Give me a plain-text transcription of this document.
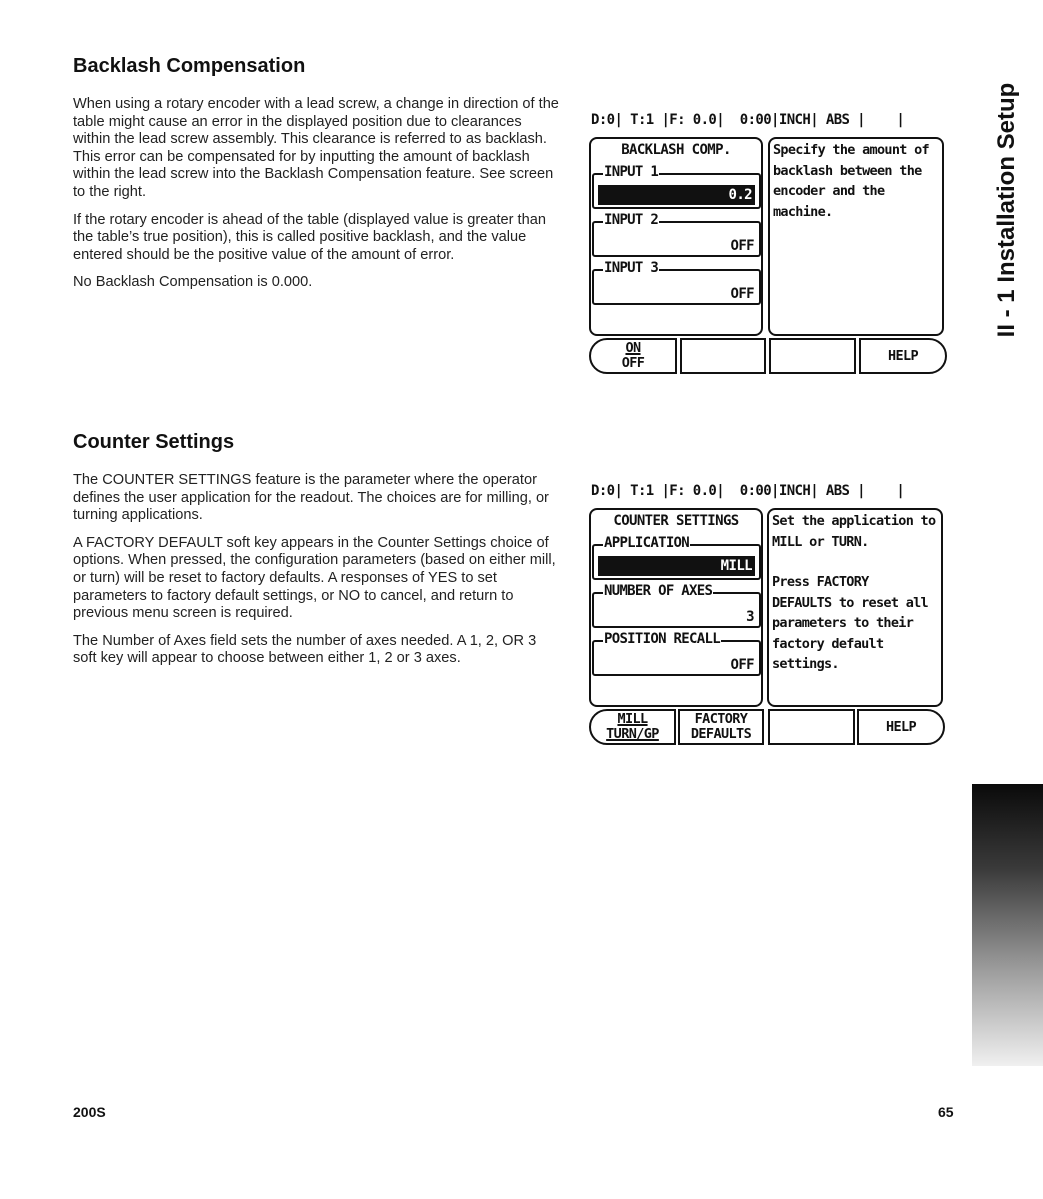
Backlash Compensation

When using a rotary encoder with a lead screw, a change in direction of the table might cause an error in the displayed position due to clearances within the lead screw assembly. This clearance is referred to as backlash. This error can be compensated for by inputting the amount of backlash within the lead screw into the Backlash Compensation feature. See screen to the right.

If the rotary encoder is ahead of the table (displayed value is greater than the table’s true position), this is called positive backlash, and the value entered should be the positive value of the amount of error.

No Backlash Compensation is 0.000.

D:0| T:1 |F: 0.0|  0:00|INCH| ABS |    |
BACKLASH COMP.
INPUT 1
0.2
INPUT 2
OFF
INPUT 3
OFF
Specify the amount of
backlash between the
encoder and the
machine.
ON
OFF	HELP
Counter Settings

The COUNTER SETTINGS feature is the parameter where the operator defines the user application for the readout. The choices are for milling, or turning applications.

A FACTORY DEFAULT soft key appears in the Counter Settings choice of options. When pressed, the configuration parameters (based on either mill, or turn) will be reset to factory defaults. A responses of YES to set parameters to factory default settings, or NO to cancel, and return to previous menu screen is required.

The Number of Axes field sets the number of axes needed. A 1, 2, OR 3 soft key will appear to choose between either 1, 2 or 3 axes.

D:0| T:1 |F: 0.0|  0:00|INCH| ABS |    |
COUNTER SETTINGS
APPLICATION
MILL
NUMBER OF AXES
3
POSITION RECALL
OFF
Set the application to
MILL or TURN.
Press FACTORY
DEFAULTS to reset all
parameters to their
factory default
settings.
MILL
TURN/GP
FACTORY
DEFAULTS	HELP
II - 1 Installation Setup
200S	65
